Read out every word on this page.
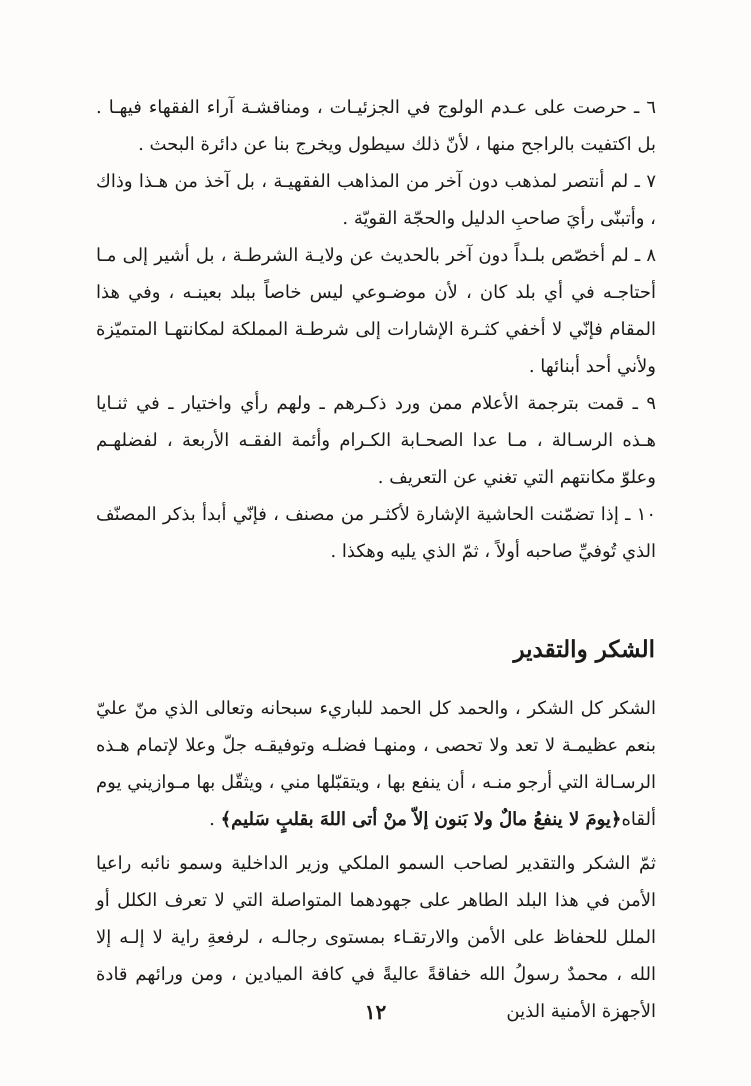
٦ ـ حرصت على عـدم الولوج في الجزئيـات ، ومناقشـة آراء الفقهاء فيهـا . بل اكتفيت بالراجح منها ، لأنّ ذلك سيطول ويخرج بنا عن دائرة البحث .

٧ ـ لم أنتصر لمذهب دون آخر من المذاهب الفقهيـة ، بل آخذ من هـذا وذاك ، وأتبنّى رأيَ صاحبِ الدليل والحجّة القويّة .

٨ ـ لم أخصّص بلـداً دون آخر بالحديث عن ولايـة الشرطـة ، بل أشير إلى مـا أحتاجـه في أي بلد كان ، لأن موضـوعي ليس خاصاً ببلد بعينـه ، وفي هذا المقام فإنّي لا أخفي كثـرة الإشارات إلى شرطـة المملكة لمكانتهـا المتميّزة ولأني أحد أبنائها .

٩ ـ قمت بترجمة الأعلام ممن ورد ذكـرهم ـ ولهم رأي واختيار ـ في ثنـايا هـذه الرسـالة ، مـا عدا الصحـابة الكـرام وأئمة الفقـه الأربعة ، لفضلهـم وعلوّ مكانتهم التي تغني عن التعريف .

١٠ ـ إذا تضمّنت الحاشية الإشارة لأكثـر من مصنف ، فإنّي أبدأ بذكر المصنّف الذي تُوفيِّ صاحبه أولاً ، ثمّ الذي يليه وهكذا .

الشكر والتقدير

الشكر كل الشكر ، والحمد كل الحمد للباريء سبحانه وتعالى الذي منّ عليّ بنعم عظيمـة لا تعد ولا تحصى ، ومنهـا فضلـه وتوفيقـه جلّ وعلا لإتمام هـذه الرسـالة التي أرجو منـه ، أن ينفع بها ، ويتقبّلها مني ، ويثقّل بها مـوازيني يوم ألقاه﴿يومَ لا ينفعُ مالٌ ولا بَنون إلاّ منْ أتى اللهَ بقلبٍ سَليم﴾ .

ثمّ الشكر والتقدير لصاحب السمو الملكي وزير الداخلية وسمو نائبه راعيا الأمن في هذا البلد الطاهر على جهودهما المتواصلة التي لا تعرف الكلل أو الملل للحفاظ على الأمن والارتقـاء بمستوى رجالـه ، لرفعةِ راية لا إلـه إلا الله ، محمدٌ رسولُ الله خفاقةً عاليةً في كافة الميادين ، ومن ورائهم قادة الأجهزة الأمنية الذين

١٢
